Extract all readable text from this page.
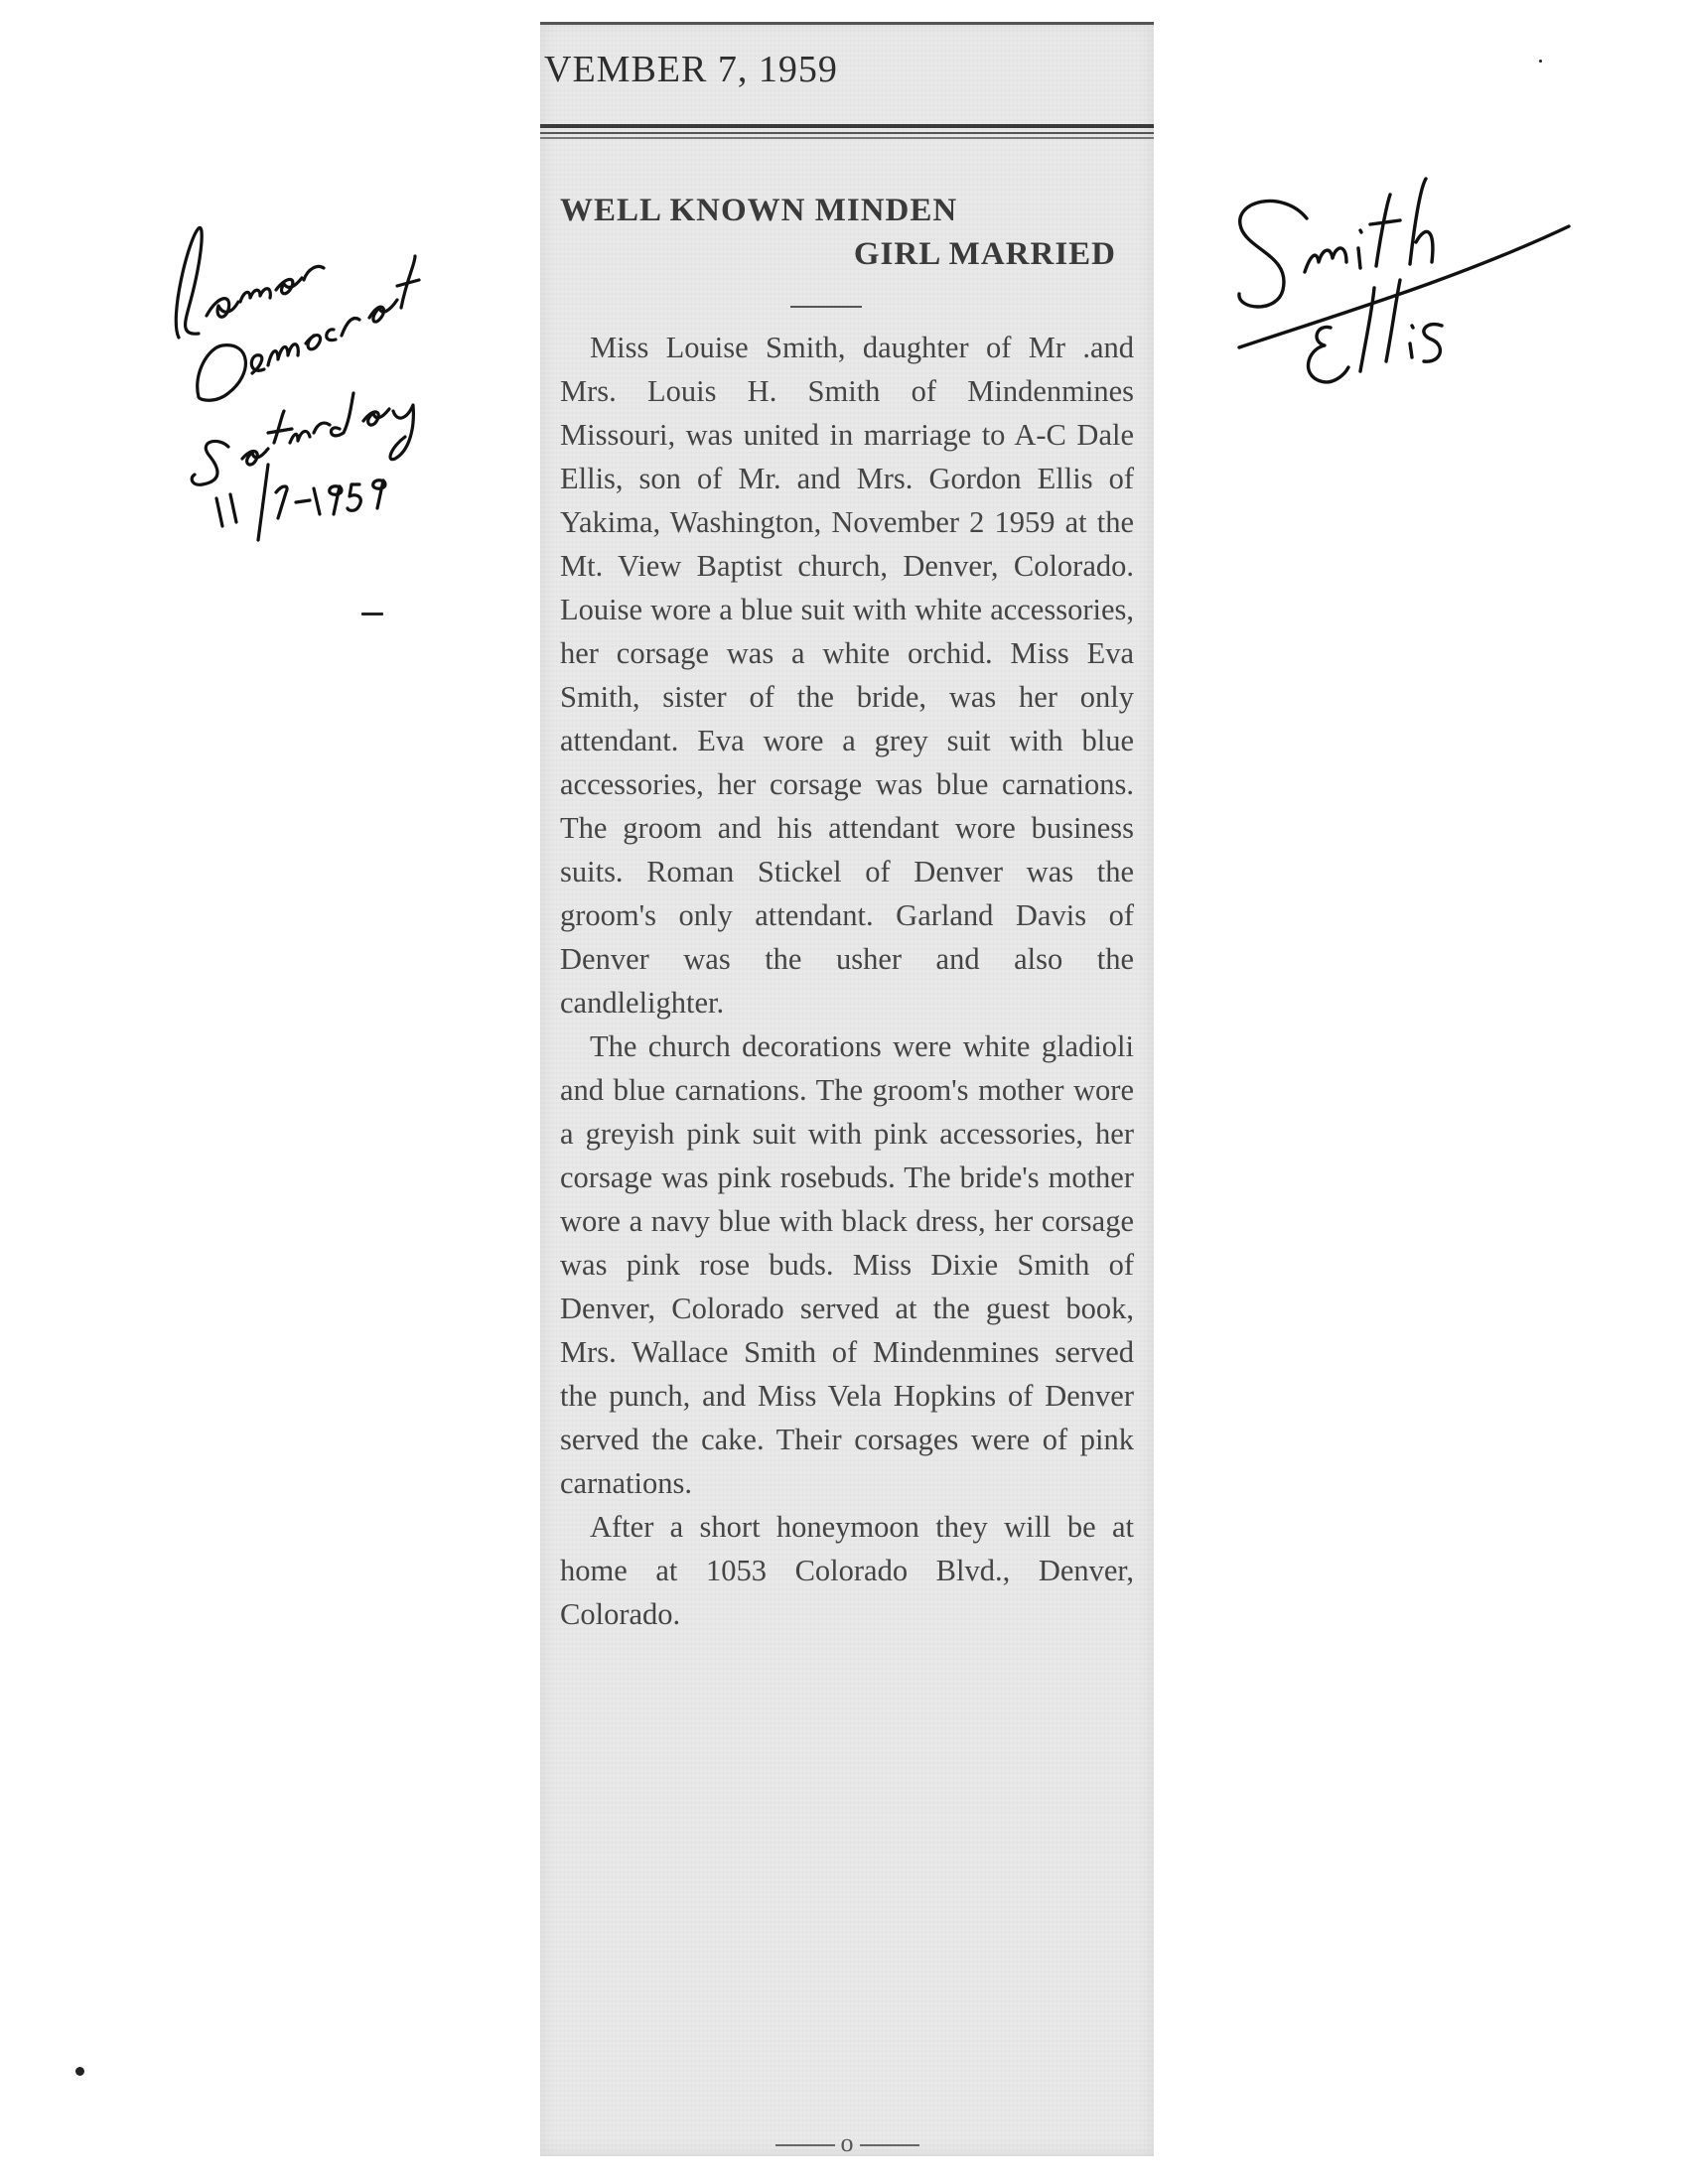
VEMBER 7, 1959
WELL KNOWN MINDEN
GIRL MARRIED

Miss Louise Smith, daughter of Mr .and Mrs. Louis H. Smith of Mindenmines Missouri, was united in marriage to A-C Dale Ellis, son of Mr. and Mrs. Gordon Ellis of Yakima, Washington, November 2 1959 at the Mt. View Baptist church, Denver, Colorado. Louise wore a blue suit with white accessories, her corsage was a white orchid. Miss Eva Smith, sister of the bride, was her only attendant. Eva wore a grey suit with blue accessories, her corsage was blue carnations. The groom and his attendant wore business suits. Roman Stickel of Denver was the groom's only attendant. Garland Davis of Denver was the usher and also the candlelighter.

The church decorations were white gladioli and blue carnations. The groom's mother wore a greyish pink suit with pink accessories, her corsage was pink rosebuds. The bride's mother wore a navy blue with black dress, her corsage was pink rose buds. Miss Dixie Smith of Denver, Colorado served at the guest book, Mrs. Wallace Smith of Mindenmines served the punch, and Miss Vela Hopkins of Denver served the cake. Their corsages were of pink carnations.

After a short honeymoon they will be at home at 1053 Colorado Blvd., Denver, Colorado.

o
